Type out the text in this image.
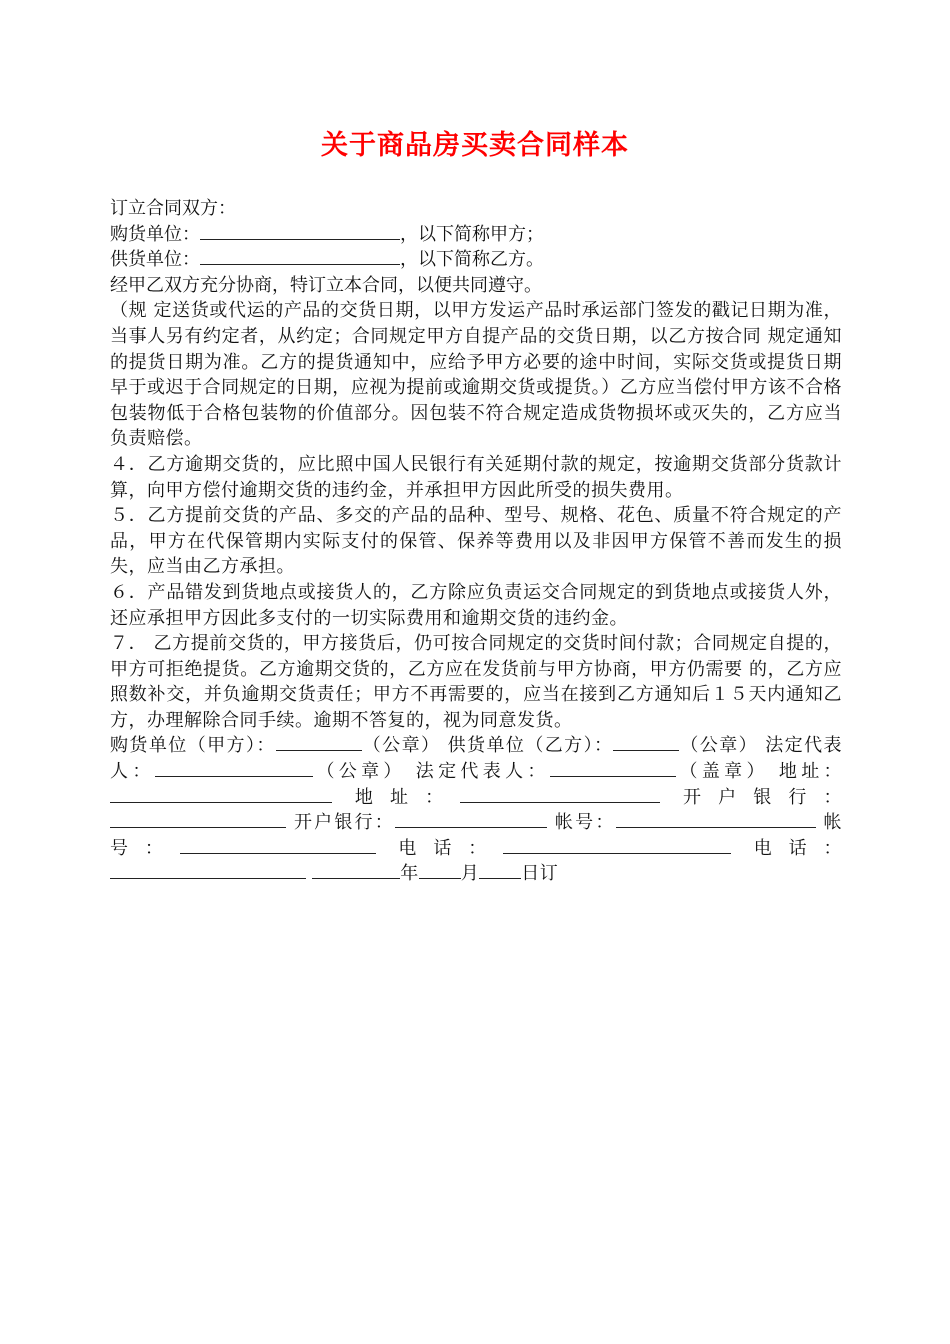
关于商品房买卖合同样本

订立合同双方：

购货单位：	，以下简称甲方；

供货单位：	，以下简称乙方。

经甲乙双方充分协商，特订立本合同，以便共同遵守。

（规 定送货或代运的产品的交货日期，以甲方发运产品时承运部门签发的戳记日期为准，当事人另有约定者，从约定；合同规定甲方自提产品的交货日期，以乙方按合同 规定通知的提货日期为准。乙方的提货通知中，应给予甲方必要的途中时间，实际交货或提货日期早于或迟于合同规定的日期，应视为提前或逾期交货或提货。）乙方应当偿付甲方该不合格包装物低于合格包装物的价值部分。因包装不符合规定造成货物损坏或灭失的，乙方应当负责赔偿。

４．乙方逾期交货的，应比照中国人民银行有关延期付款的规定，按逾期交货部分货款计算，向甲方偿付逾期交货的违约金，并承担甲方因此所受的损失费用。

５．乙方提前交货的产品、多交的产品的品种、型号、规格、花色、质量不符合规定的产品，甲方在代保管期内实际支付的保管、保养等费用以及非因甲方保管不善而发生的损失，应当由乙方承担。

６．产品错发到货地点或接货人的，乙方除应负责运交合同规定的到货地点或接货人外，还应承担甲方因此多支付的一切实际费用和逾期交货的违约金。

７． 乙方提前交货的，甲方接货后，仍可按合同规定的交货时间付款；合同规定自提的，甲方可拒绝提货。乙方逾期交货的，乙方应在发货前与甲方协商，甲方仍需要 的，乙方应照数补交，并负逾期交货责任；甲方不再需要的，应当在接到乙方通知后１５天内通知乙方，办理解除合同手续。逾期不答复的，视为同意发货。

购货单位（甲方）：	（公章） 供货单位（乙方）：	（公章） 法定代表人：	（公章） 法定代表人：	（盖章） 地址： 地址：	开户银行： 开户银行：	帐号：	帐号：	电话：	电话： 年 月 日订
